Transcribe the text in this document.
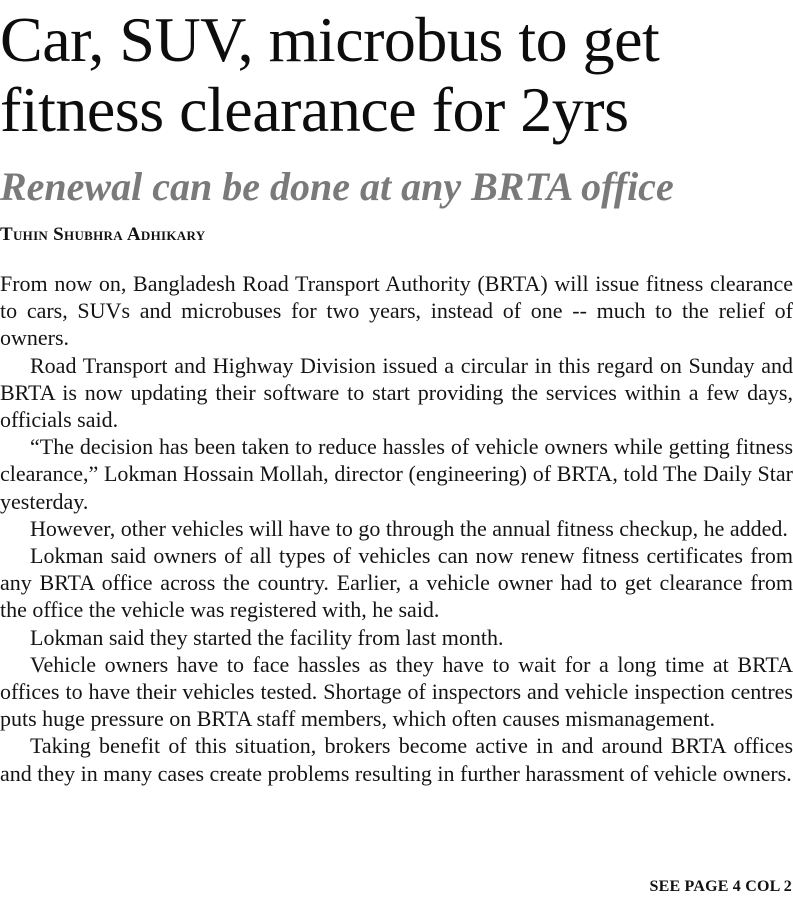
Car, SUV, microbus to get
fitness clearance for 2yrs
Renewal can be done at any BRTA office
Tuhin Shubhra Adhikary

From now on, Bangladesh Road Transport Authority (BRTA) will issue fitness clearance to cars, SUVs and microbuses for two years, instead of one -- much to the relief of owners.

Road Transport and Highway Division issued a circular in this regard on Sunday and BRTA is now updating their software to start providing the services within a few days, officials said.

“The decision has been taken to reduce hassles of vehicle owners while getting fitness clearance,” Lokman Hossain Mollah, director (engineering) of BRTA, told The Daily Star yesterday.

However, other vehicles will have to go through the annual fitness checkup, he added.

Lokman said owners of all types of vehicles can now renew fitness certificates from any BRTA office across the country. Earlier, a vehicle owner had to get clearance from the office the vehicle was registered with, he said.

Lokman said they started the facility from last month.

Vehicle owners have to face hassles as they have to wait for a long time at BRTA offices to have their vehicles tested. Shortage of inspectors and vehicle inspection centres puts huge pressure on BRTA staff members, which often causes mismanagement.

Taking benefit of this situation, brokers become active in and around BRTA offices and they in many cases create problems resulting in further harassment of vehicle owners.

SEE PAGE 4 COL 2
